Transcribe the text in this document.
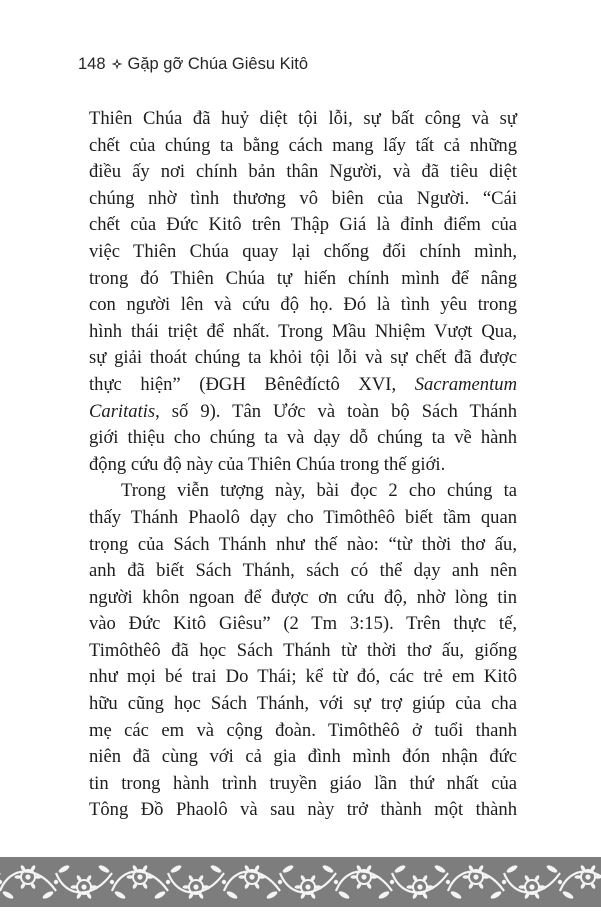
148 Gặp gỡ Chúa Giêsu Kitô
Thiên Chúa đã huỷ diệt tội lỗi, sự bất công và sự
chết của chúng ta bằng cách mang lấy tất cả những
điều ấy nơi chính bản thân Người, và đã tiêu diệt
chúng nhờ tình thương vô biên của Người. “Cái
chết của Đức Kitô trên Thập Giá là đỉnh điểm của
việc Thiên Chúa quay lại chống đối chính mình,
trong đó Thiên Chúa tự hiến chính mình để nâng
con người lên và cứu độ họ. Đó là tình yêu trong
hình thái triệt để nhất. Trong Mầu Nhiệm Vượt Qua,
sự giải thoát chúng ta khỏi tội lỗi và sự chết đã được
thực hiện” (ĐGH Bênêđíctô XVI, Sacramentum
Caritatis, số 9). Tân Ước và toàn bộ Sách Thánh
giới thiệu cho chúng ta và dạy dỗ chúng ta về hành
động cứu độ này của Thiên Chúa trong thế giới.
Trong viễn tượng này, bài đọc 2 cho chúng ta
thấy Thánh Phaolô dạy cho Timôthêô biết tầm quan
trọng của Sách Thánh như thế nào: “từ thời thơ ấu,
anh đã biết Sách Thánh, sách có thể dạy anh nên
người khôn ngoan để được ơn cứu độ, nhờ lòng tin
vào Đức Kitô Giêsu” (2 Tm 3:15). Trên thực tế,
Timôthêô đã học Sách Thánh từ thời thơ ấu, giống
như mọi bé trai Do Thái; kể từ đó, các trẻ em Kitô
hữu cũng học Sách Thánh, với sự trợ giúp của cha
mẹ các em và cộng đoàn. Timôthêô ở tuổi thanh
niên đã cùng với cả gia đình mình đón nhận đức
tin trong hành trình truyền giáo lần thứ nhất của
Tông Đồ Phaolô và sau này trở thành một thành
